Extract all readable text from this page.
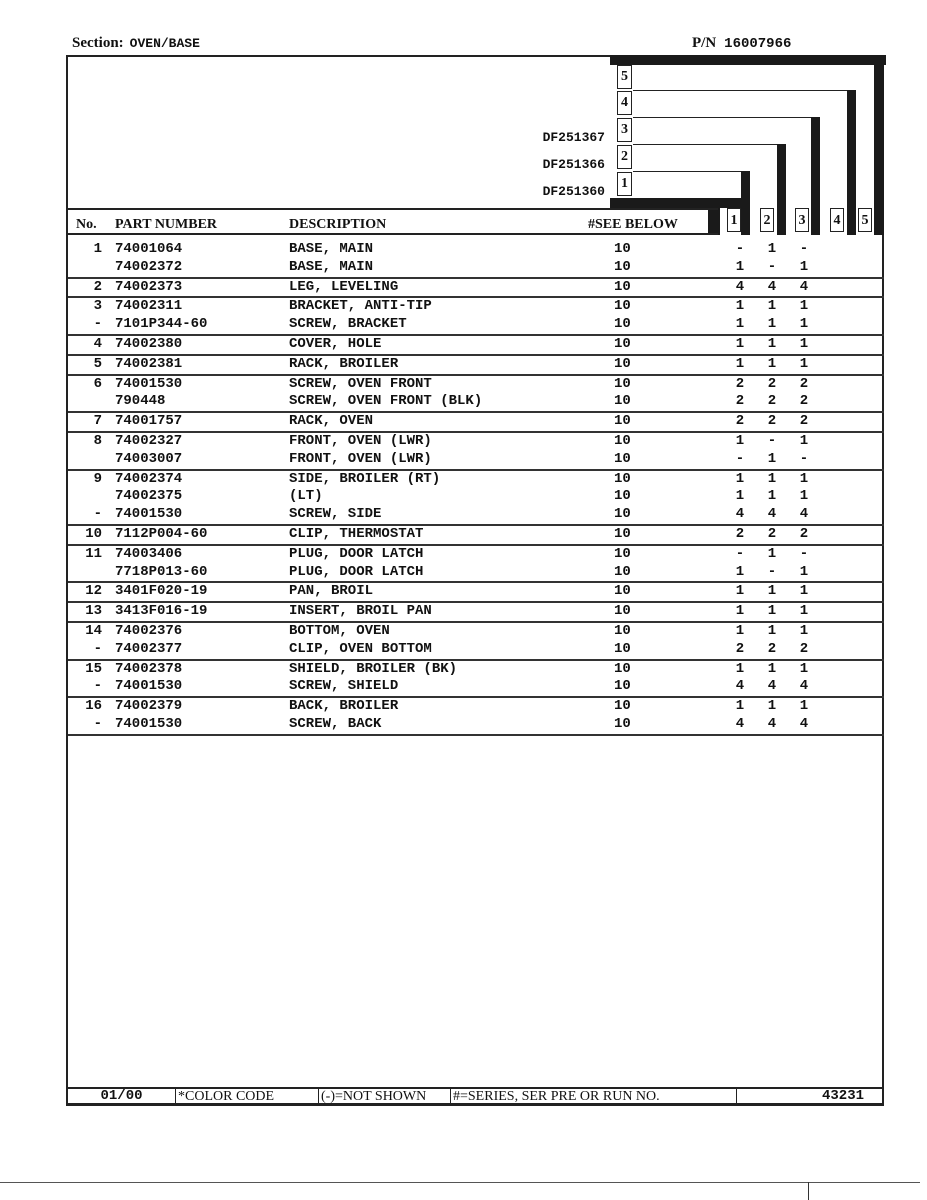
Section: OVEN/BASE	P/N 16007966
5
4
3
2
1
DF251367
DF251366
DF251360
No. PART NUMBER	DESCRIPTION	#SEE BELOW	1 2 3 4 5
1 74001064	BASE, MAIN	10	- 1 -
74002372	BASE, MAIN	10	1 - 1
2 74002373	LEG, LEVELING	10	4 4 4
3 74002311	BRACKET, ANTI-TIP	10	1 1 1
- 7101P344-60	SCREW, BRACKET	10	1 1 1
4 74002380	COVER, HOLE	10	1 1 1
5 74002381	RACK, BROILER	10	1 1 1
6 74001530	SCREW, OVEN FRONT	10	2 2 2
790448	SCREW, OVEN FRONT (BLK)	10	2 2 2
7 74001757	RACK, OVEN	10	2 2 2
8 74002327	FRONT, OVEN (LWR)	10	1 - 1
74003007	FRONT, OVEN (LWR)	10	- 1 -
9 74002374	SIDE, BROILER (RT)	10	1 1 1
74002375	(LT)	10	1 1 1
- 74001530	SCREW, SIDE	10	4 4 4
10 7112P004-60	CLIP, THERMOSTAT	10	2 2 2
11 74003406	PLUG, DOOR LATCH	10	- 1 -
7718P013-60	PLUG, DOOR LATCH	10	1 - 1
12 3401F020-19	PAN, BROIL	10	1 1 1
13 3413F016-19	INSERT, BROIL PAN	10	1 1 1
14 74002376	BOTTOM, OVEN	10	1 1 1
- 74002377	CLIP, OVEN BOTTOM	10	2 2 2
15 74002378	SHIELD, BROILER (BK)	10	1 1 1
- 74001530	SCREW, SHIELD	10	4 4 4
16 74002379	BACK, BROILER	10	1 1 1
- 74001530	SCREW, BACK	10	4 4 4
01/00	*COLOR CODE	(-)=NOT SHOWN	#=SERIES, SER PRE OR RUN NO.	43231
